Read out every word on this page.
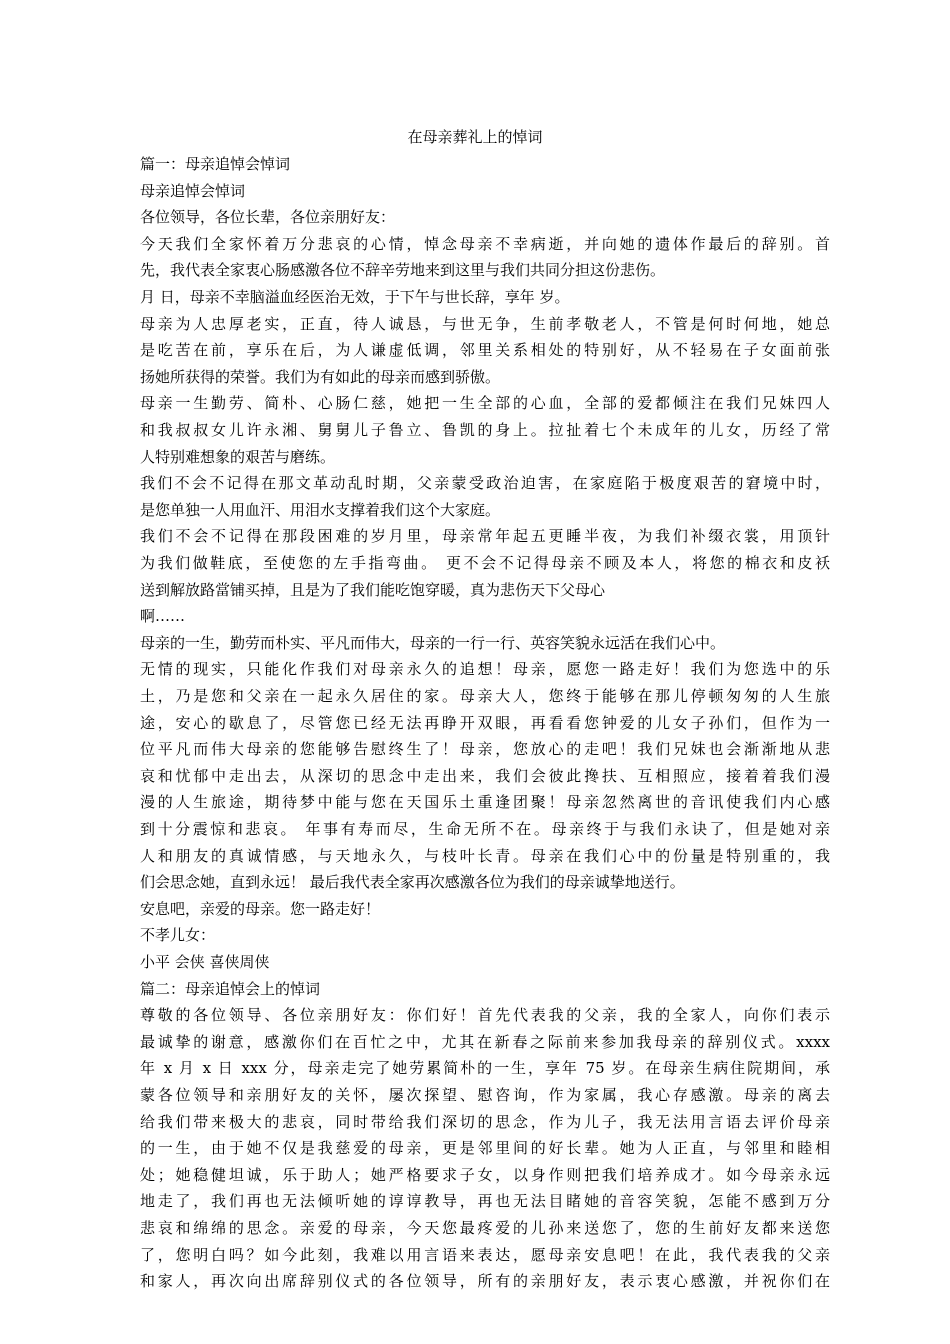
在母亲葬礼上的悼词
篇一：母亲追悼会悼词
母亲追悼会悼词
各位领导，各位长辈，各位亲朋好友：
今天我们全家怀着万分悲哀的心情，悼念母亲不幸病逝，并向她的遗体作最后的辞别。首
先，我代表全家衷心肠感激各位不辞辛劳地来到这里与我们共同分担这份悲伤。
月 日，母亲不幸脑溢血经医治无效，于下午与世长辞，享年 岁。
母亲为人忠厚老实，正直，待人诚恳，与世无争，生前孝敬老人，不管是何时何地，她总
是吃苦在前，享乐在后，为人谦虚低调，邻里关系相处的特别好，从不轻易在子女面前张
扬她所获得的荣誉。我们为有如此的母亲而感到骄傲。
母亲一生勤劳、简朴、心肠仁慈，她把一生全部的心血，全部的爱都倾注在我们兄妹四人
和我叔叔女儿许永湘、舅舅儿子鲁立、鲁凯的身上。拉扯着七个未成年的儿女，历经了常
人特别难想象的艰苦与磨练。
我们不会不记得在那文革动乱时期，父亲蒙受政治迫害，在家庭陷于极度艰苦的窘境中时，
是您单独一人用血汗、用泪水支撑着我们这个大家庭。
我们不会不记得在那段困难的岁月里，母亲常年起五更睡半夜，为我们补缀衣裳，用顶针
为我们做鞋底，至使您的左手指弯曲。 更不会不记得母亲不顾及本人，将您的棉衣和皮袄
送到解放路當铺买掉，且是为了我们能吃饱穿暖，真为悲伤天下父母心
啊……
母亲的一生，勤劳而朴实、平凡而伟大，母亲的一行一行、英容笑貌永远活在我们心中。
无情的现实，只能化作我们对母亲永久的追想！母亲，愿您一路走好！我们为您选中的乐
土，乃是您和父亲在一起永久居住的家。母亲大人，您终于能够在那儿停顿匆匆的人生旅
途，安心的歇息了，尽管您已经无法再睁开双眼，再看看您钟爱的儿女子孙们，但作为一
位平凡而伟大母亲的您能够告慰终生了！母亲，您放心的走吧！我们兄妹也会渐渐地从悲
哀和忧郁中走出去，从深切的思念中走出来，我们会彼此搀扶、互相照应，接着着我们漫
漫的人生旅途，期待梦中能与您在天国乐土重逢团聚！母亲忽然离世的音讯使我们内心感
到十分震惊和悲哀。 年事有寿而尽，生命无所不在。母亲终于与我们永诀了，但是她对亲
人和朋友的真诚情感，与天地永久，与枝叶长青。母亲在我们心中的份量是特别重的，我
们会思念她，直到永远！ 最后我代表全家再次感激各位为我们的母亲诚挚地送行。
安息吧，亲爱的母亲。您一路走好！
不孝儿女：
小平 会侠 喜侠周侠
篇二：母亲追悼会上的悼词
尊敬的各位领导、各位亲朋好友：你们好！首先代表我的父亲，我的全家人，向你们表示
最诚挚的谢意，感激你们在百忙之中，尤其在新春之际前来参加我母亲的辞别仪式。xxxx
年 x 月 x 日 xxx 分，母亲走完了她劳累简朴的一生，享年 75 岁。在母亲生病住院期间，承
蒙各位领导和亲朋好友的关怀，屡次探望、慰咨询，作为家属，我心存感激。母亲的离去
给我们带来极大的悲哀，同时带给我们深切的思念，作为儿子，我无法用言语去评价母亲
的一生，由于她不仅是我慈爱的母亲，更是邻里间的好长辈。她为人正直，与邻里和睦相
处；她稳健坦诚，乐于助人；她严格要求子女，以身作则把我们培养成才。如今母亲永远
地走了，我们再也无法倾听她的谆谆教导，再也无法目睹她的音容笑貌，怎能不感到万分
悲哀和绵绵的思念。亲爱的母亲，今天您最疼爱的儿孙来送您了，您的生前好友都来送您
了，您明白吗？如今此刻，我难以用言语来表达，愿母亲安息吧！在此，我代表我的父亲
和家人，再次向出席辞别仪式的各位领导，所有的亲朋好友，表示衷心感激，并祝你们在
